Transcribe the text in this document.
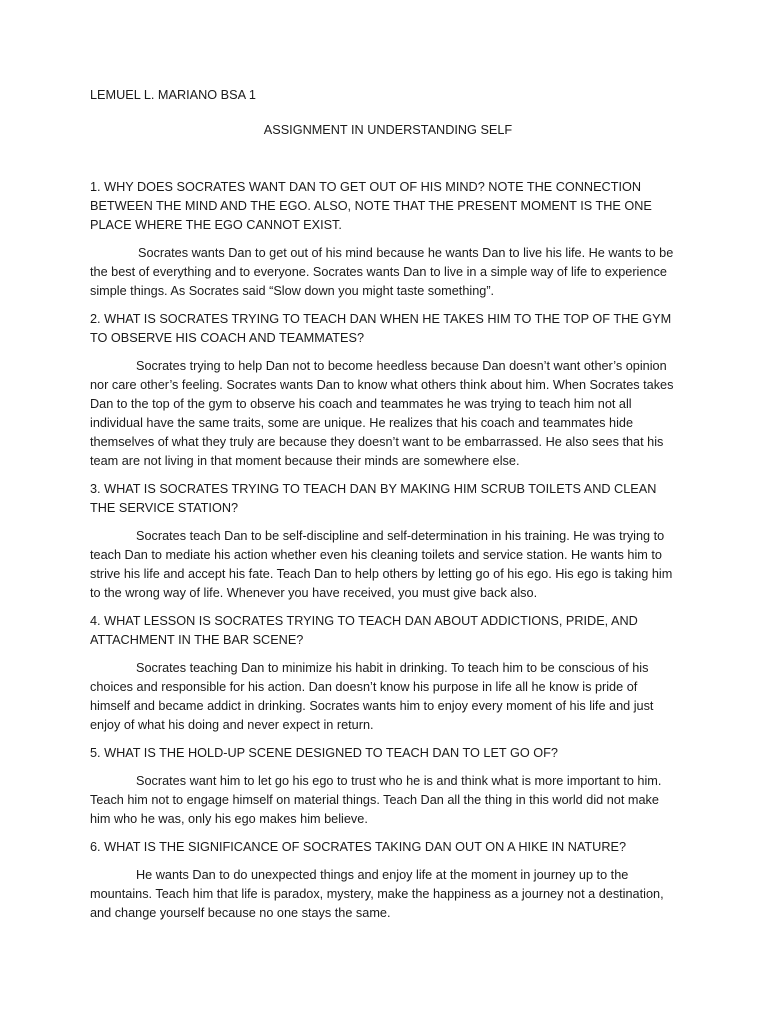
LEMUEL L. MARIANO BSA 1

ASSIGNMENT IN UNDERSTANDING SELF

1. WHY DOES SOCRATES WANT DAN TO GET OUT OF HIS MIND? NOTE THE CONNECTION BETWEEN THE MIND AND THE EGO. ALSO, NOTE THAT THE PRESENT MOMENT IS THE ONE PLACE WHERE THE EGO CANNOT EXIST.

Socrates wants Dan to get out of his mind because he wants Dan to live his life. He wants to be the best of everything and to everyone. Socrates wants Dan to live in a simple way of life to experience simple things. As Socrates said “Slow down you might taste something”.

2. WHAT IS SOCRATES TRYING TO TEACH DAN WHEN HE TAKES HIM TO THE TOP OF THE GYM TO OBSERVE HIS COACH AND TEAMMATES?

Socrates trying to help Dan not to become heedless because Dan doesn’t want other’s opinion nor care other’s feeling. Socrates wants Dan to know what others think about him. When Socrates takes Dan to the top of the gym to observe his coach and teammates he was trying to teach him not all individual have the same traits, some are unique. He realizes that his coach and teammates hide themselves of what they truly are because they doesn’t want to be embarrassed. He also sees that his team are not living in that moment because their minds are somewhere else.

3. WHAT IS SOCRATES TRYING TO TEACH DAN BY MAKING HIM SCRUB TOILETS AND CLEAN THE SERVICE STATION?

Socrates teach Dan to be self-discipline and self-determination in his training. He was trying to teach Dan to mediate his action whether even his cleaning toilets and service station. He wants him to strive his life and accept his fate. Teach Dan to help others by letting go of his ego. His ego is taking him to the wrong way of life. Whenever you have received, you must give back also.

4. WHAT LESSON IS SOCRATES TRYING TO TEACH DAN ABOUT ADDICTIONS, PRIDE, AND ATTACHMENT IN THE BAR SCENE?

Socrates teaching Dan to minimize his habit in drinking. To teach him to be conscious of his choices and responsible for his action. Dan doesn’t know his purpose in life all he know is pride of himself and became addict in drinking. Socrates wants him to enjoy every moment of his life and just enjoy of what his doing and never expect in return.

5. WHAT IS THE HOLD-UP SCENE DESIGNED TO TEACH DAN TO LET GO OF?

Socrates want him to let go his ego to trust who he is and think what is more important to him. Teach him not to engage himself on material things. Teach Dan all the thing in this world did not make him who he was, only his ego makes him believe.

6. WHAT IS THE SIGNIFICANCE OF SOCRATES TAKING DAN OUT ON A HIKE IN NATURE?

He wants Dan to do unexpected things and enjoy life at the moment in journey up to the mountains. Teach him that life is paradox, mystery, make the happiness as a journey not a destination, and change yourself because no one stays the same.
